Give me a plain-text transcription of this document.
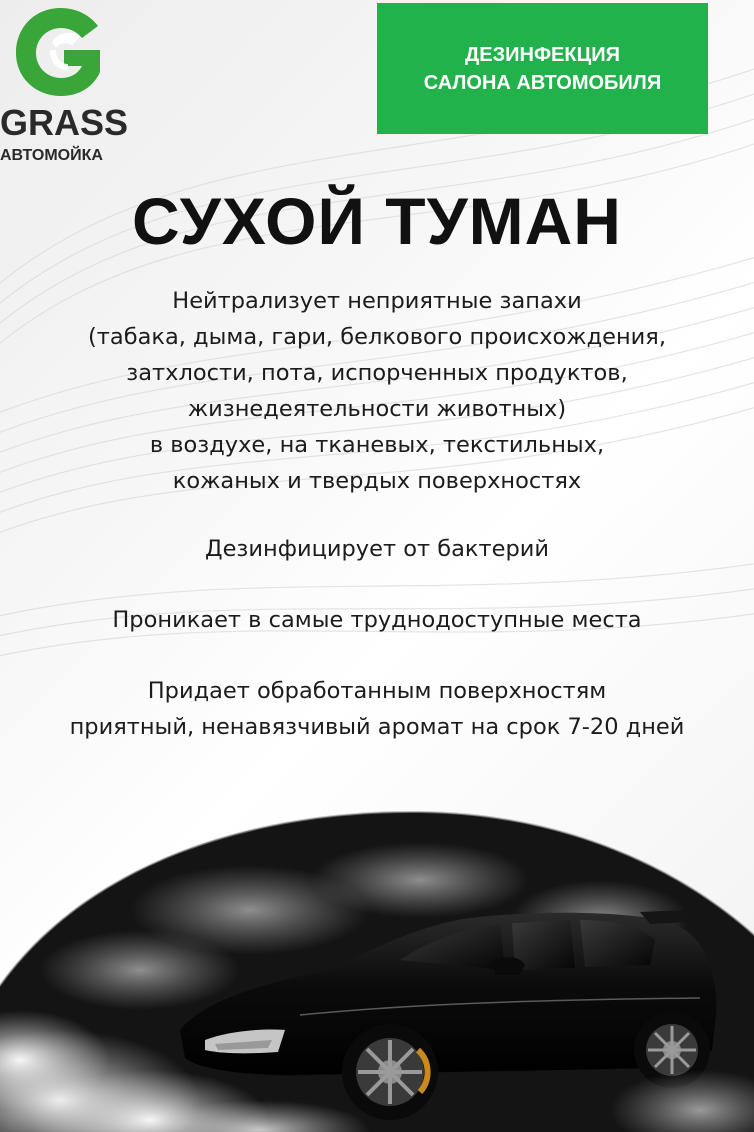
GRASS
АВТОМОЙКА
ДЕЗИНФЕКЦИЯ
САЛОНА АВТОМОБИЛЯ
СУХОЙ ТУМАН
Нейтрализует неприятные запахи
(табака, дыма, гари, белкового происхождения,
затхлости, пота, испорченных продуктов,
жизнедеятельности животных)
в воздухе, на тканевых, текстильных,
кожаных и твердых поверхностях
Дезинфицирует от бактерий
Проникает в самые труднодоступные места
Придает обработанным поверхностям
приятный, ненавязчивый аромат на срок 7-20 дней
